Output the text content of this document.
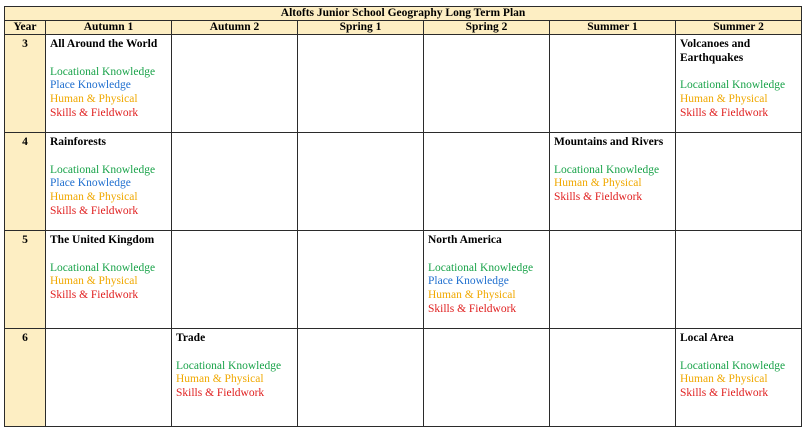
Altofts Junior School Geography Long Term Plan						
Year	Autumn 1	Autumn 2	Spring 1	Spring 2	Summer 1	Summer 2
3	All Around the World
Locational Knowledge
Place Knowledge
Human & Physical
Skills & Fieldwork					Volcanoes and Earthquakes
Locational Knowledge
Human & Physical
Skills & Fieldwork

4	Rainforests
Locational Knowledge
Place Knowledge
Human & Physical
Skills & Fieldwork				Mountains and Rivers
Locational Knowledge
Human & Physical
Skills & Fieldwork	

5	The United Kingdom
Locational Knowledge
Human & Physical
Skills & Fieldwork			North America
Locational Knowledge
Place Knowledge
Human & Physical
Skills & Fieldwork		

6		Trade
Locational Knowledge
Human & Physical
Skills & Fieldwork				Local Area
Locational Knowledge
Human & Physical
Skills & Fieldwork
